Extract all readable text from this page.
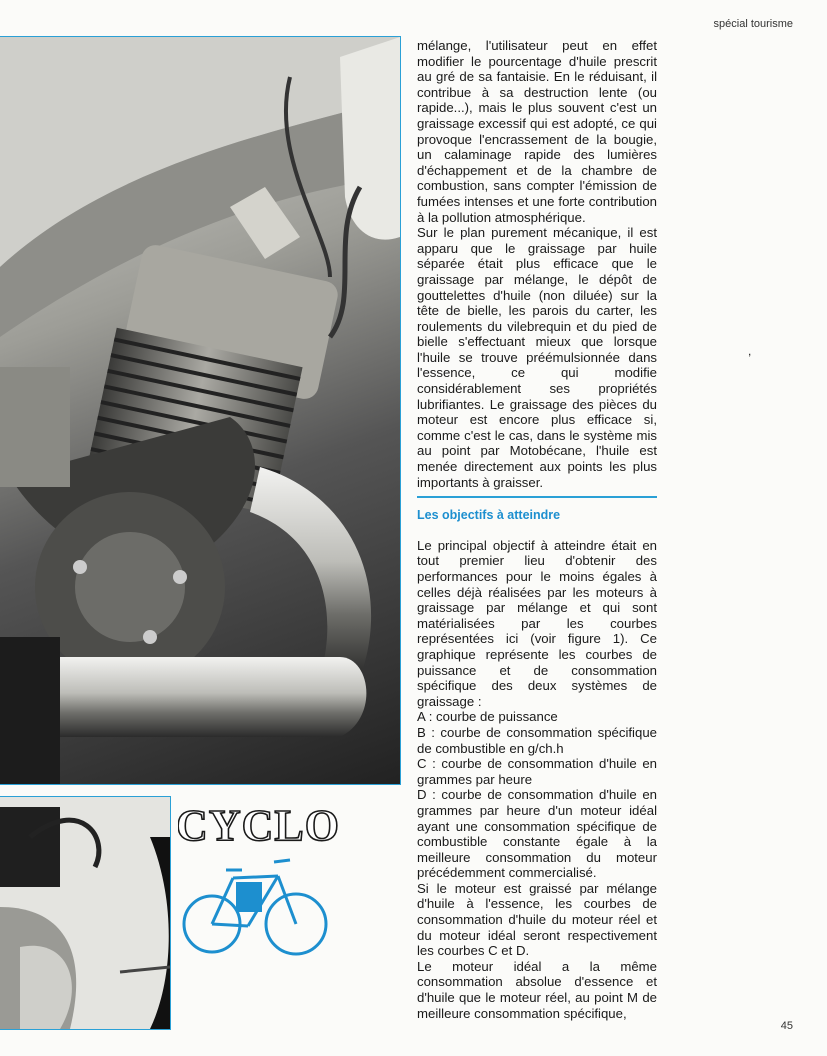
spécial tourisme
CYCLO

mélange, l'utilisateur peut en effet modifier le pourcentage d'huile prescrit au gré de sa fantaisie. En le réduisant, il contribue à sa destruction lente (ou rapide...), mais le plus souvent c'est un graissage excessif qui est adopté, ce qui provoque l'encrassement de la bougie, un calaminage rapide des lumières d'échappement et de la chambre de combustion, sans compter l'émission de fumées intenses et une forte contribution à la pollution atmosphérique.

Sur le plan purement mécanique, il est apparu que le graissage par huile séparée était plus efficace que le graissage par mélange, le dépôt de gouttelettes d'huile (non diluée) sur la tête de bielle, les parois du carter, les roulements du vilebrequin et du pied de bielle s'effectuant mieux que lorsque l'huile se trouve préémulsionnée dans l'essence, ce qui modifie considérablement ses propriétés lubrifiantes. Le graissage des pièces du moteur est encore plus efficace si, comme c'est le cas, dans le système mis au point par Motobécane, l'huile est menée directement aux points les plus importants à graisser.

Les objectifs à atteindre

Le principal objectif à atteindre était en tout premier lieu d'obtenir des performances pour le moins égales à celles déjà réalisées par les moteurs à graissage par mélange et qui sont matérialisées par les courbes représentées ici (voir figure 1). Ce graphique représente les courbes de puissance et de consommation spécifique des deux systèmes de graissage :

A : courbe de puissance

B : courbe de consommation spécifique de combustible en g/ch.h

C : courbe de consommation d'huile en grammes par heure

D : courbe de consommation d'huile en grammes par heure d'un moteur idéal ayant une consommation spécifique de combustible constante égale à la meilleure consommation du moteur précédemment commercialisé.

Si le moteur est graissé par mélange d'huile à l'essence, les courbes de consommation d'huile du moteur réel et du moteur idéal seront respectivement les courbes C et D.

Le moteur idéal a la même consommation absolue d'essence et d'huile que le moteur réel, au point M de meilleure consommation spécifique,

,
45
